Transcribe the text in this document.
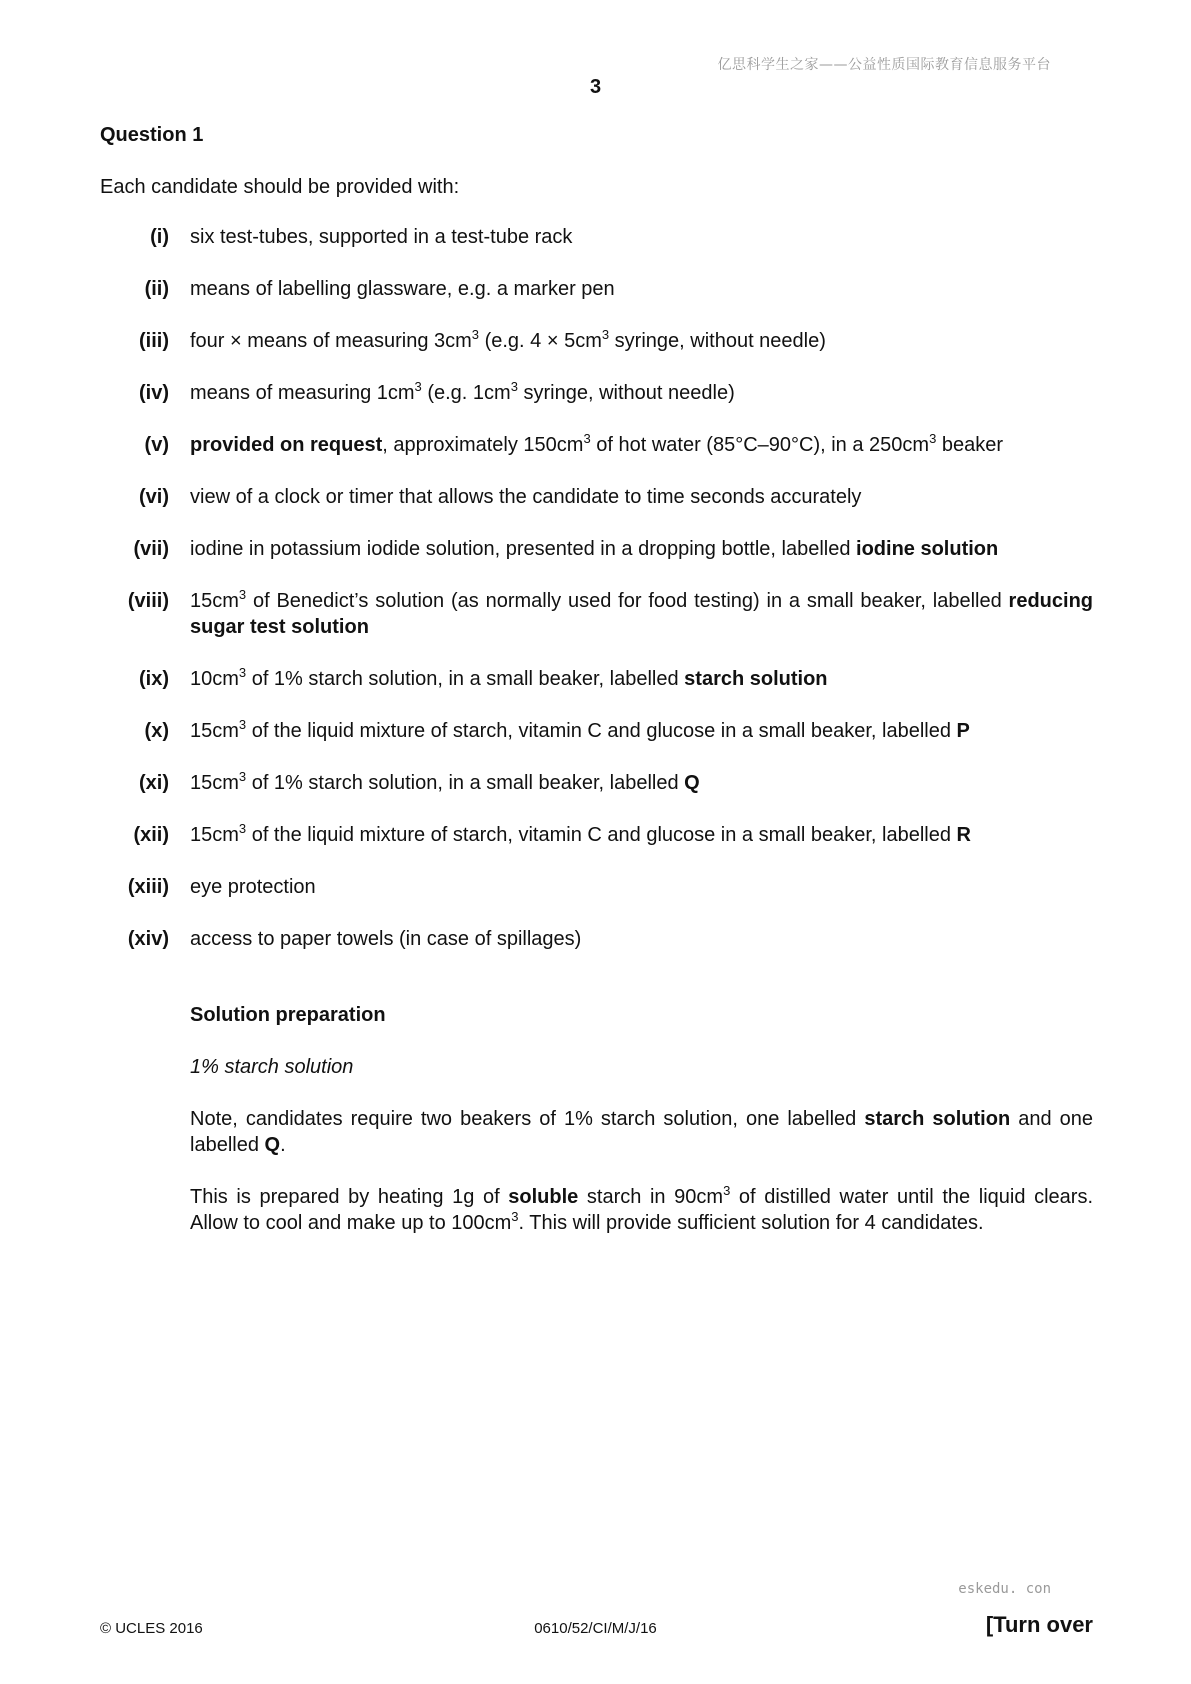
亿思科学生之家——公益性质国际教育信息服务平台
3
Question 1
Each candidate should be provided with:
(i)	six test-tubes, supported in a test-tube rack
(ii)	means of labelling glassware, e.g. a marker pen
(iii)	four × means of measuring $3cm^3$ (e.g. $4 \times 5cm^3$ syringe, without needle)
(iv)	means of measuring $1cm^3$ (e.g. $1cm^3$ syringe, without needle)
(v)	provided on request, approximately $150cm^3$ of hot water (85°C–90°C), in a $250cm^3$ beaker
(vi)	view of a clock or timer that allows the candidate to time seconds accurately
(vii)	iodine in potassium iodide solution, presented in a dropping bottle, labelled iodine solution
(viii)	$15cm^3$ of Benedict’s solution (as normally used for food testing) in a small beaker, labelled reducing sugar test solution
(ix)	$10cm^3$ of 1% starch solution, in a small beaker, labelled starch solution
(x)	$15cm^3$ of the liquid mixture of starch, vitamin C and glucose in a small beaker, labelled P
(xi)	$15cm^3$ of 1% starch solution, in a small beaker, labelled Q
(xii)	$15cm^3$ of the liquid mixture of starch, vitamin C and glucose in a small beaker, labelled R
(xiii)	eye protection
(xiv)	access to paper towels (in case of spillages)
Solution preparation
1% starch solution
Note, candidates require two beakers of 1% starch solution, one labelled starch solution and one labelled Q.
This is prepared by heating 1g of soluble starch in $90cm^3$ of distilled water until the liquid clears. Allow to cool and make up to $100cm^3$. This will provide sufficient solution for 4 candidates.
eskedu. con
© UCLES 2016	0610/52/CI/M/J/16	[Turn over
